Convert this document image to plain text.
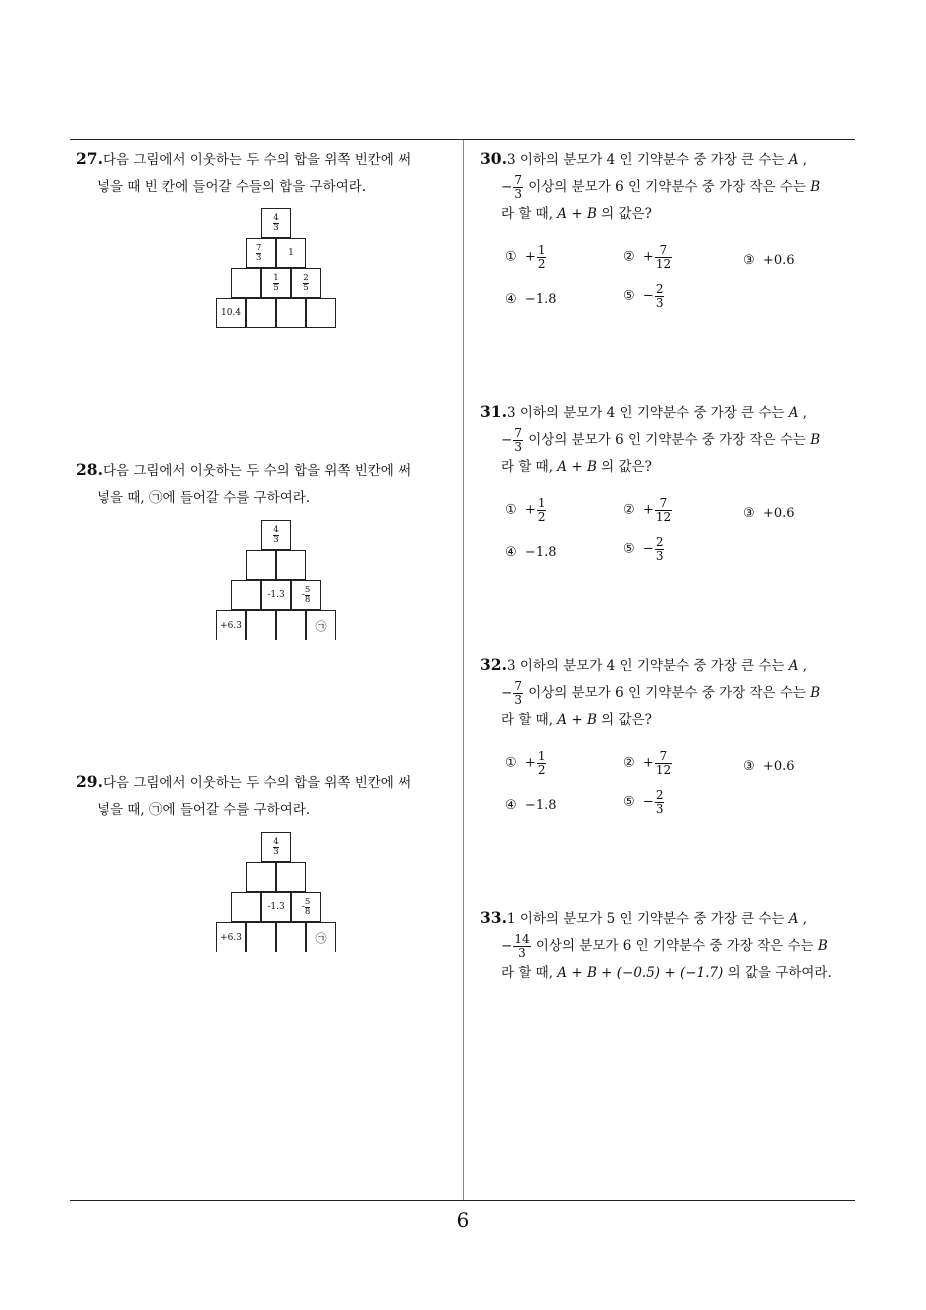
27.다음 그림에서 이웃하는 두 수의 합을 위쪽 빈칸에 써
넣을 때 빈 칸에 들어갈 수들의 합을 구하여라.
4
3
7
3	1
1
5
2
5
10.4
28.다음 그림에서 이웃하는 두 수의 합을 위쪽 빈칸에 써
넣을 때, ㉠에 들어갈 수를 구하여라.
4
3
-1.3 - 5
8
+6.3	㉠
29.다음 그림에서 이웃하는 두 수의 합을 위쪽 빈칸에 써
넣을 때, ㉠에 들어갈 수를 구하여라.
4
3
-1.3 - 5
8
+6.3	㉠
30.3 이하의 분모가 4 인 기약분수 중 가장 큰 수는 A ,
− $\frac{7}{3}$ 이상의 분모가 6 인 기약분수 중 가장 작은 수는 B
라 할 때, A + B 의 값은?
① + $\frac{1}{2}$	② + $\frac{7}{12}$	③ +0.6
④ −1.8	⑤ − $\frac{2}{3}$
31.3 이하의 분모가 4 인 기약분수 중 가장 큰 수는 A ,
− $\frac{7}{3}$ 이상의 분모가 6 인 기약분수 중 가장 작은 수는 B
라 할 때, A + B 의 값은?
① + $\frac{1}{2}$	② + $\frac{7}{12}$	③ +0.6
④ −1.8	⑤ − $\frac{2}{3}$
32.3 이하의 분모가 4 인 기약분수 중 가장 큰 수는 A ,
− $\frac{7}{3}$ 이상의 분모가 6 인 기약분수 중 가장 작은 수는 B
라 할 때, A + B 의 값은?
① + $\frac{1}{2}$	② + $\frac{7}{12}$	③ +0.6
④ −1.8	⑤ − $\frac{2}{3}$
33.1 이하의 분모가 5 인 기약분수 중 가장 큰 수는 A ,
− $\frac{14}{3}$ 이상의 분모가 6 인 기약분수 중 가장 작은 수는 B
라 할 때, A + B + (−0.5) + (−1.7) 의 값을 구하여라.
6
